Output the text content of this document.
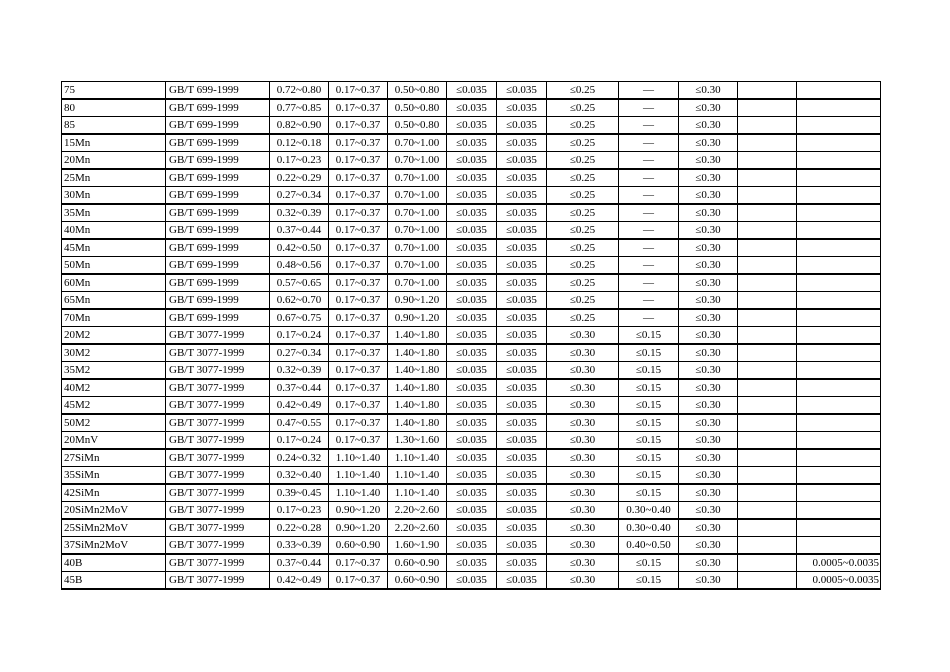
75	GB/T 699-1999	0.72~0.80	0.17~0.37	0.50~0.80	≤0.035	≤0.035	≤0.25	—	≤0.30		
80	GB/T 699-1999	0.77~0.85	0.17~0.37	0.50~0.80	≤0.035	≤0.035	≤0.25	—	≤0.30		
85	GB/T 699-1999	0.82~0.90	0.17~0.37	0.50~0.80	≤0.035	≤0.035	≤0.25	—	≤0.30		
15Mn	GB/T 699-1999	0.12~0.18	0.17~0.37	0.70~1.00	≤0.035	≤0.035	≤0.25	—	≤0.30		
20Mn	GB/T 699-1999	0.17~0.23	0.17~0.37	0.70~1.00	≤0.035	≤0.035	≤0.25	—	≤0.30		
25Mn	GB/T 699-1999	0.22~0.29	0.17~0.37	0.70~1.00	≤0.035	≤0.035	≤0.25	—	≤0.30		
30Mn	GB/T 699-1999	0.27~0.34	0.17~0.37	0.70~1.00	≤0.035	≤0.035	≤0.25	—	≤0.30		
35Mn	GB/T 699-1999	0.32~0.39	0.17~0.37	0.70~1.00	≤0.035	≤0.035	≤0.25	—	≤0.30		
40Mn	GB/T 699-1999	0.37~0.44	0.17~0.37	0.70~1.00	≤0.035	≤0.035	≤0.25	—	≤0.30		
45Mn	GB/T 699-1999	0.42~0.50	0.17~0.37	0.70~1.00	≤0.035	≤0.035	≤0.25	—	≤0.30		
50Mn	GB/T 699-1999	0.48~0.56	0.17~0.37	0.70~1.00	≤0.035	≤0.035	≤0.25	—	≤0.30		
60Mn	GB/T 699-1999	0.57~0.65	0.17~0.37	0.70~1.00	≤0.035	≤0.035	≤0.25	—	≤0.30		
65Mn	GB/T 699-1999	0.62~0.70	0.17~0.37	0.90~1.20	≤0.035	≤0.035	≤0.25	—	≤0.30		
70Mn	GB/T 699-1999	0.67~0.75	0.17~0.37	0.90~1.20	≤0.035	≤0.035	≤0.25	—	≤0.30		
20M2	GB/T 3077-1999	0.17~0.24	0.17~0.37	1.40~1.80	≤0.035	≤0.035	≤0.30	≤0.15	≤0.30		
30M2	GB/T 3077-1999	0.27~0.34	0.17~0.37	1.40~1.80	≤0.035	≤0.035	≤0.30	≤0.15	≤0.30		
35M2	GB/T 3077-1999	0.32~0.39	0.17~0.37	1.40~1.80	≤0.035	≤0.035	≤0.30	≤0.15	≤0.30		
40M2	GB/T 3077-1999	0.37~0.44	0.17~0.37	1.40~1.80	≤0.035	≤0.035	≤0.30	≤0.15	≤0.30		
45M2	GB/T 3077-1999	0.42~0.49	0.17~0.37	1.40~1.80	≤0.035	≤0.035	≤0.30	≤0.15	≤0.30		
50M2	GB/T 3077-1999	0.47~0.55	0.17~0.37	1.40~1.80	≤0.035	≤0.035	≤0.30	≤0.15	≤0.30		
20MnV	GB/T 3077-1999	0.17~0.24	0.17~0.37	1.30~1.60	≤0.035	≤0.035	≤0.30	≤0.15	≤0.30		
27SiMn	GB/T 3077-1999	0.24~0.32	1.10~1.40	1.10~1.40	≤0.035	≤0.035	≤0.30	≤0.15	≤0.30		
35SiMn	GB/T 3077-1999	0.32~0.40	1.10~1.40	1.10~1.40	≤0.035	≤0.035	≤0.30	≤0.15	≤0.30		
42SiMn	GB/T 3077-1999	0.39~0.45	1.10~1.40	1.10~1.40	≤0.035	≤0.035	≤0.30	≤0.15	≤0.30		
20SiMn2MoV	GB/T 3077-1999	0.17~0.23	0.90~1.20	2.20~2.60	≤0.035	≤0.035	≤0.30	0.30~0.40	≤0.30		
25SiMn2MoV	GB/T 3077-1999	0.22~0.28	0.90~1.20	2.20~2.60	≤0.035	≤0.035	≤0.30	0.30~0.40	≤0.30		
37SiMn2MoV	GB/T 3077-1999	0.33~0.39	0.60~0.90	1.60~1.90	≤0.035	≤0.035	≤0.30	0.40~0.50	≤0.30		
40B	GB/T 3077-1999	0.37~0.44	0.17~0.37	0.60~0.90	≤0.035	≤0.035	≤0.30	≤0.15	≤0.30		0.0005~0.0035
45B	GB/T 3077-1999	0.42~0.49	0.17~0.37	0.60~0.90	≤0.035	≤0.035	≤0.30	≤0.15	≤0.30		0.0005~0.0035
